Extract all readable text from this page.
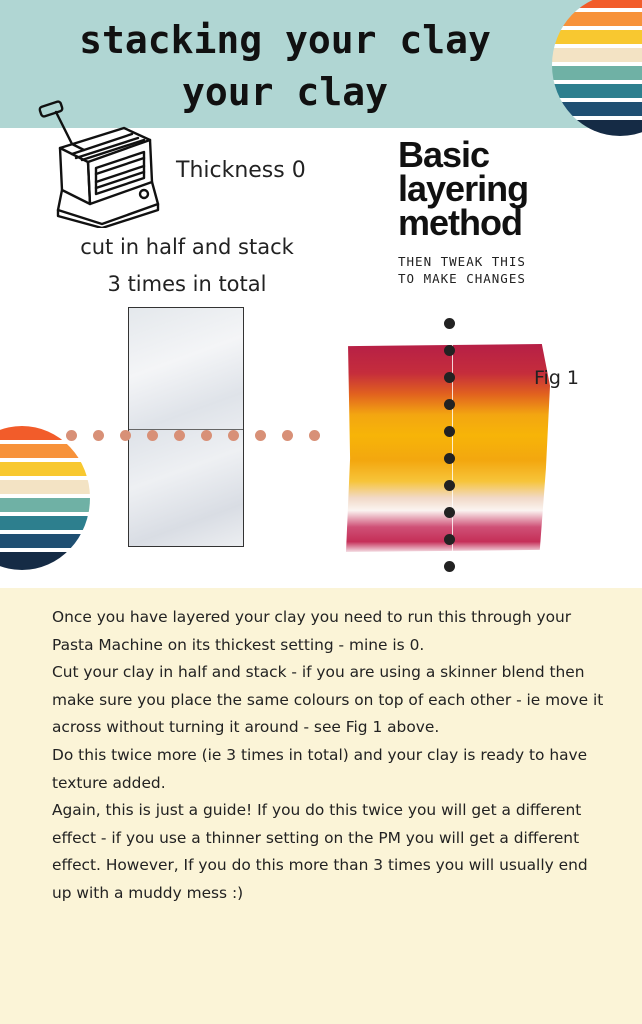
stacking your clay
your clay
Thickness 0
cut in half and stack
3 times in total
Basic
layering
method
THEN TWEAK THIS
TO MAKE CHANGES
Fig 1

Once you have layered your clay you need to run this through your Pasta Machine on its thickest setting - mine is 0.

Cut your clay in half and stack - if you are using a skinner blend then make sure you place the same colours on top of each other - ie move it across without turning it around - see Fig 1 above.

Do this twice more (ie 3 times in total) and your clay is ready to have texture added.

Again, this is just a guide! If you do this twice you will get a different effect - if you use a thinner setting on the PM you will get a different effect. However, If you do this more than 3 times you will usually end up with a muddy mess :)
